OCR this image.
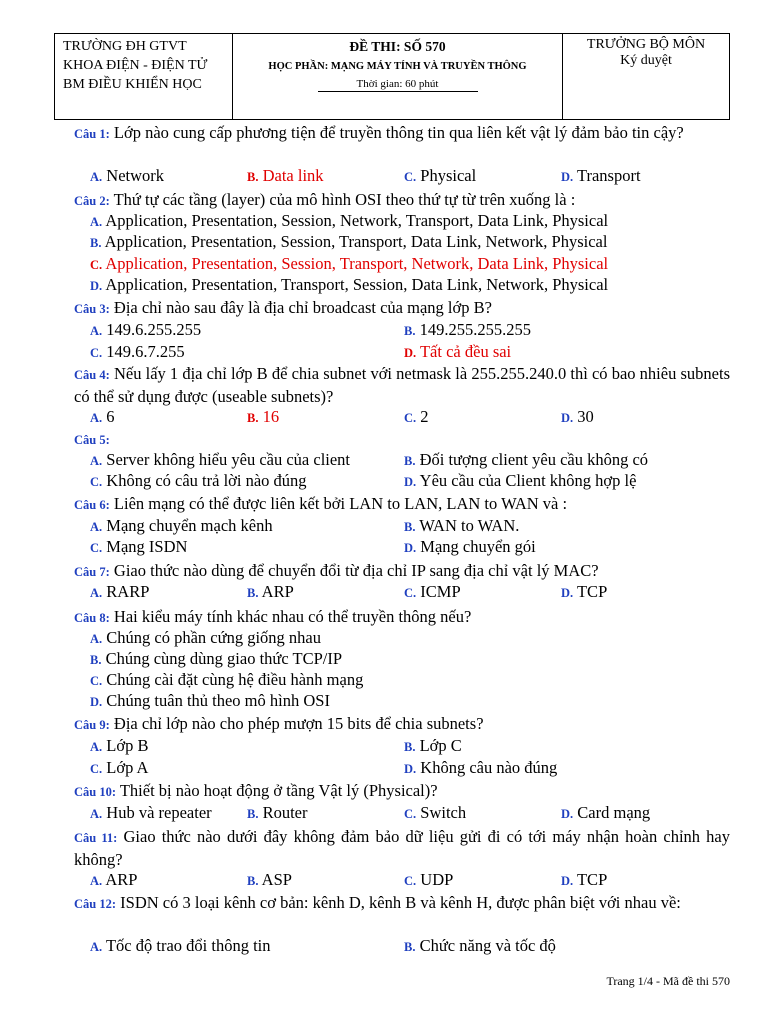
TRƯỜNG ĐH GTVT
KHOA ĐIỆN - ĐIỆN TỬ
BM ĐIỀU KHIỂN HỌC
ĐỀ THI: SỐ 570
HỌC PHẦN: MẠNG MÁY TÍNH VÀ TRUYỀN THÔNG
Thời gian: 60 phút
TRƯỞNG BỘ MÔN
Ký duyệt
Câu 1: Lớp nào cung cấp phương tiện để truyền thông tin qua liên kết vật lý đảm bảo tin cậy?
A. Network	B. Data link	C. Physical	D. Transport
Câu 2: Thứ tự các tầng (layer) của mô hình OSI theo thứ tự từ trên xuống là :
A. Application, Presentation, Session, Network, Transport, Data Link, Physical
B. Application, Presentation, Session, Transport, Data Link, Network, Physical
C. Application, Presentation, Session, Transport, Network, Data Link, Physical
D. Application, Presentation, Transport, Session, Data Link, Network, Physical
Câu 3: Địa chỉ nào sau đây là địa chỉ broadcast của mạng lớp B?
A. 149.6.255.255	B. 149.255.255.255
C. 149.6.7.255	D. Tất cả đều sai
Câu 4: Nếu lấy 1 địa chỉ lớp B để chia subnet với netmask là 255.255.240.0 thì có bao nhiêu subnets có thể sử dụng được (useable subnets)?
A. 6	B. 16	C. 2	D. 30
Câu 5:
A. Server không hiểu yêu cầu của client	B. Đối tượng client yêu cầu không có
C. Không có câu trả lời nào đúng	D. Yêu cầu của Client không hợp lệ
Câu 6: Liên mạng có thể được liên kết bởi LAN to LAN, LAN to WAN và :
A. Mạng chuyển mạch kênh	B. WAN to WAN.
C. Mạng ISDN	D. Mạng chuyển gói
Câu 7: Giao thức nào dùng để chuyển đổi từ địa chỉ IP sang địa chỉ vật lý MAC?
A. RARP	B. ARP	C. ICMP	D. TCP
Câu 8: Hai kiểu máy tính khác nhau có thể truyền thông nếu?
A. Chúng có phần cứng giống nhau
B. Chúng cùng dùng giao thức TCP/IP
C. Chúng cài đặt cùng hệ điều hành mạng
D. Chúng tuân thủ theo mô hình OSI
Câu 9: Địa chỉ lớp nào cho phép mượn 15 bits để chia subnets?
A. Lớp B	B. Lớp C
C. Lớp A	D. Không câu nào đúng
Câu 10: Thiết bị nào hoạt động ở tầng Vật lý (Physical)?
A. Hub và repeater	B. Router	C. Switch	D. Card mạng
Câu 11: Giao thức nào dưới đây không đảm bảo dữ liệu gửi đi có tới máy nhận hoàn chỉnh hay không?
A. ARP	B. ASP	C. UDP	D. TCP
Câu 12: ISDN có 3 loại kênh cơ bản: kênh D, kênh B và kênh H, được phân biệt với nhau về:
A. Tốc độ trao đổi thông tin	B. Chức năng và tốc độ
Trang 1/4 - Mã đề thi 570
